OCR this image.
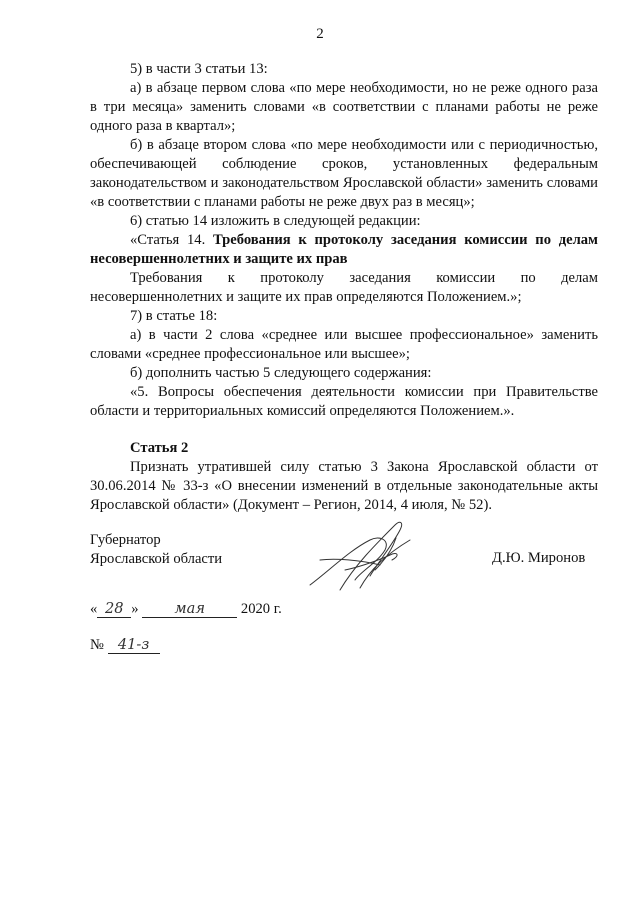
2

5) в части 3 статьи 13:

а) в абзаце первом слова «по мере необходимости, но не реже одного раза в три месяца» заменить словами «в соответствии с планами работы не реже одного раза в квартал»;

б) в абзаце втором слова «по мере необходимости или с периодичностью, обеспечивающей соблюдение сроков, установленных федеральным законодательством и законодательством Ярославской области» заменить словами «в соответствии с планами работы не реже двух раз в месяц»;

6) статью 14 изложить в следующей редакции:

«Статья 14. Требования к протоколу заседания комиссии по делам несовершеннолетних и защите их прав

Требования к протоколу заседания комиссии по делам несовершеннолетних и защите их прав определяются Положением.»;

7) в статье 18:

а) в части 2 слова «среднее или высшее профессиональное» заменить словами «среднее профессиональное или высшее»;

б) дополнить частью 5 следующего содержания:

«5. Вопросы обеспечения деятельности комиссии при Правительстве области и территориальных комиссий определяются Положением.».

Статья 2

Признать утратившей силу статью 3 Закона Ярославской области от 30.06.2014 № 33-з «О внесении изменений в отдельные законодательные акты Ярославской области» (Документ – Регион, 2014, 4 июля, № 52).

Губернатор
Ярославской области	Д.Ю. Миронов
« 28 » мая 2020 г.
№ 41-з
